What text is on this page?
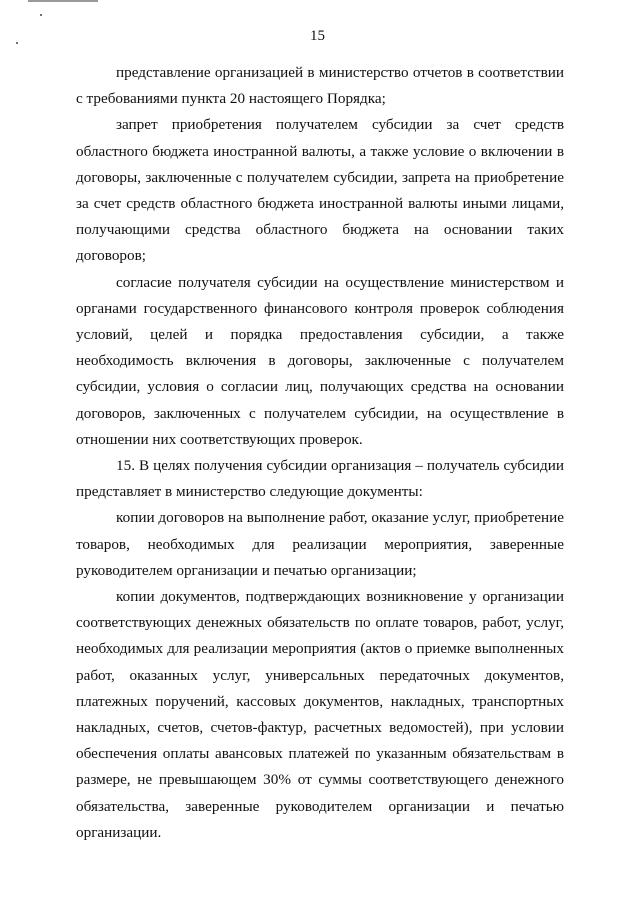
15

представление организацией в министерство отчетов в соответствии с требованиями пункта 20 настоящего Порядка;

запрет приобретения получателем субсидии за счет средств областного бюджета иностранной валюты, а также условие о включении в договоры, заключенные с получателем субсидии, запрета на приобретение за счет средств областного бюджета иностранной валюты иными лицами, получающими средства областного бюджета на основании таких договоров;

согласие получателя субсидии на осуществление министерством и органами государственного финансового контроля проверок соблюдения условий, целей и порядка предоставления субсидии, а также необходимость включения в договоры, заключенные с получателем субсидии, условия о согласии лиц, получающих средства на основании договоров, заключенных с получателем субсидии, на осуществление в отношении них соответствующих проверок.

15. В целях получения субсидии организация – получатель субсидии представляет в министерство следующие документы:

копии договоров на выполнение работ, оказание услуг, приобретение товаров, необходимых для реализации мероприятия, заверенные руководителем организации и печатью организации;

копии документов, подтверждающих возникновение у организации соответствующих денежных обязательств по оплате товаров, работ, услуг, необходимых для реализации мероприятия (актов о приемке выполненных работ, оказанных услуг, универсальных передаточных документов, платежных поручений, кассовых документов, накладных, транспортных накладных, счетов, счетов-фактур, расчетных ведомостей), при условии обеспечения оплаты авансовых платежей по указанным обязательствам в размере, не превышающем 30% от суммы соответствующего денежного обязательства, заверенные руководителем организации и печатью организации.
